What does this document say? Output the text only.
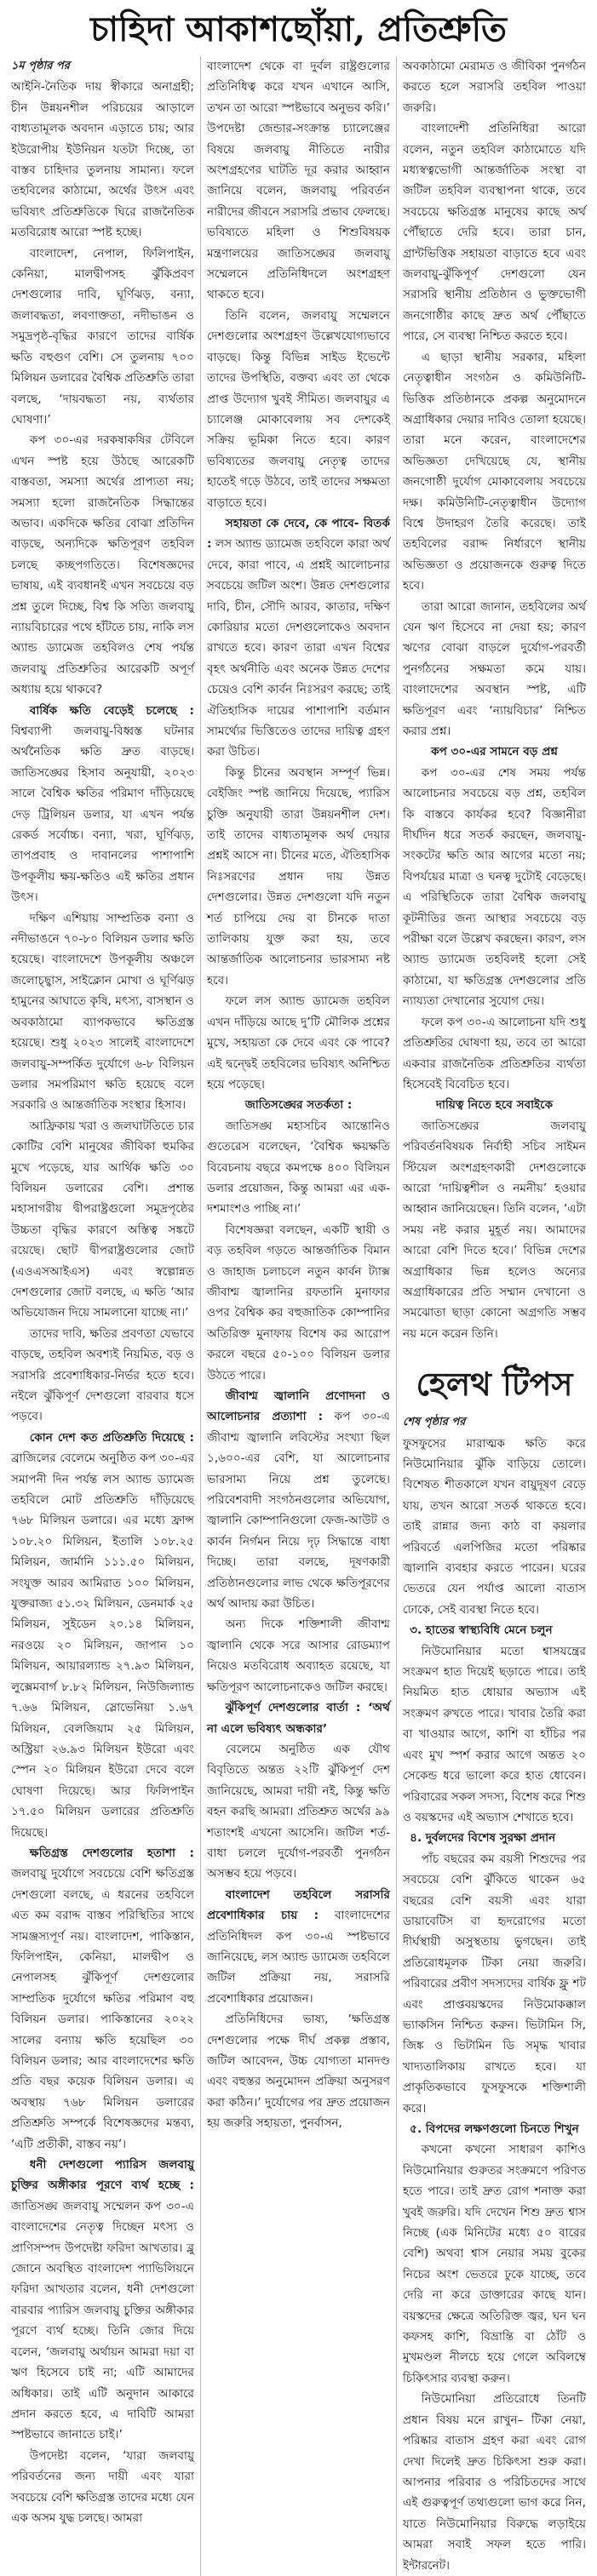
চাহিদা আকাশছোঁয়া, প্রতিশ্রুতি
১ম পৃষ্ঠার পর

আইনি-নৈতিক দায় স্বীকারে অনাগ্রহী; চীন উন্নয়নশীল পরিচয়ের আড়ালে বাধ্যতামূলক অবদান এড়াতে চায়; আর ইউরোপীয় ইউনিয়ন যতটা দিচ্ছে, তা বাস্তব চাহিদার তুলনায় সামান্য। ফলে তহবিলের কাঠামো, অর্থের উৎস এবং ভবিষ্যৎ প্রতিশ্রুতিকে ঘিরে রাজনৈতিক মতবিরোধ আরো স্পষ্ট হচ্ছে।

বাংলাদেশ, নেপাল, ফিলিপাইন, কেনিয়া, মালদ্বীপসহ ঝুঁকিপ্রবণ দেশগুলোর দাবি, ঘূর্ণিঝড়, বন্যা, জলাবদ্ধতা, লবণাক্ততা, নদীভাঙন ও সমুদ্রপৃষ্ঠ-বৃদ্ধির কারণে তাদের বার্ষিক ক্ষতি বহুগুণ বেশি। সে তুলনায় ৭০০ মিলিয়ন ডলারের বৈশ্বিক প্রতিশ্রুতি তারা বলছে, ‘দায়বদ্ধতা নয়, ব্যর্থতার ঘোষণা।’

কপ ৩০-এর দরকষাকষির টেবিলে এখন স্পষ্ট হয়ে উঠছে আরেকটি বাস্তবতা, সমস্যা অর্থের প্রাপ্যতা নয়; সমস্যা হলো রাজনৈতিক সিদ্ধান্তের অভাব। একদিকে ক্ষতির বোঝা প্রতিদিন বাড়ছে, অন্যদিকে ক্ষতিপূরণ তহবিল চলছে কচ্ছপগতিতে। বিশেষজ্ঞদের ভাষায়, এই ব্যবধানই এখন সবচেয়ে বড় প্রশ্ন তুলে দিচ্ছে, বিশ্ব কি সত্যি জলবায়ু ন্যায়বিচারের পথে হাঁটতে চায়, নাকি লস অ্যান্ড ড্যামেজ তহবিলও শেষ পর্যন্ত জলবায়ু প্রতিশ্রুতির আরেকটি অপূর্ণ অধ্যায় হয়ে থাকবে?

বার্ষিক ক্ষতি বেড়েই চলেছে : বিশ্বব্যাপী জলবায়ু-বিধ্বস্ত ঘটনার অর্থনৈতিক ক্ষতি দ্রুত বাড়ছে। জাতিসঙ্ঘের হিসাব অনুযায়ী, ২০২৩ সালে বৈশ্বিক ক্ষতির পরিমাণ দাঁড়িয়েছে দেড় ট্রিলিয়ন ডলার, যা এখন পর্যন্ত রেকর্ড সর্বোচ্চ। বন্যা, খরা, ঘূর্ণিঝড়, তাপপ্রবাহ ও দাবানলের পাশাপাশি উপকূলীয় ক্ষয়-ক্ষতিও এই ক্ষতির প্রধান উৎস।

দক্ষিণ এশিয়ায় সাম্প্রতিক বন্যা ও নদীভাঙনে ৭০-৮০ বিলিয়ন ডলার ক্ষতি হয়েছে। বাংলাদেশে উপকূলীয় অঞ্চলে জলোচ্ছ্বাস, সাইক্লোন মোখা ও ঘূর্ণিঝড় হামুনের আঘাতে কৃষি, মৎস্য, বাসস্থান ও অবকাঠামো ব্যাপকভাবে ক্ষতিগ্রস্ত হয়েছে। শুধু ২০২৩ সালেই বাংলাদেশে জলবায়ু-সম্পর্কিত দুর্যোগে ৬-৮ বিলিয়ন ডলার সমপরিমাণ ক্ষতি হয়েছে বলে সরকারি ও আন্তর্জাতিক সংস্থার হিসাব।

আফ্রিকায় খরা ও জলঘাটতিতে চার কোটির বেশি মানুষের জীবিকা হুমকির মুখে পড়েছে, যার আর্থিক ক্ষতি ৩০ বিলিয়ন ডলারের বেশি। প্রশান্ত মহাসাগরীয় দ্বীপরাষ্ট্রগুলো সমুদ্রপৃষ্ঠের উচ্চতা বৃদ্ধির কারণে অস্তিত্ব সঙ্কটে রয়েছে। ছোট দ্বীপরাষ্ট্রগুলোর জোট (এওএসআইএস) এবং স্বল্পোন্নত দেশগুলোর জোট বলছে, এ ক্ষতি ‘আর অভিযোজন দিয়ে সামলানো যাচ্ছে না।’

তাদের দাবি, ক্ষতির প্রবণতা যেভাবে বাড়ছে, তহবিল অবশ্যই নিয়মিত, বড় ও সরাসরি প্রবেশাধিকার-নির্ভর হতে হবে। নইলে ঝুঁকিপূর্ণ দেশগুলো বারবার ধসে পড়বে।

কোন দেশ কত প্রতিশ্রুতি দিয়েছে : ব্রাজিলের বেলেমে অনুষ্ঠিত কপ ৩০-এর সমাপনী দিন পর্যন্ত লস অ্যান্ড ড্যামেজ তহবিলে মোট প্রতিশ্রুতি দাঁড়িয়েছে ৭৬৮ মিলিয়ন ডলারে। এর মধ্যে ফ্রান্স ১০৮.২০ মিলিয়ন, ইতালি ১০৮.২৫ মিলিয়ন, জার্মানি ১১১.৫০ মিলিয়ন, সংযুক্ত আরব আমিরাত ১০০ মিলিয়ন, যুক্তরাজ্য ৫১.৩২ মিলিয়ন, ডেনমার্ক ২৫ মিলিয়ন, সুইডেন ২০.১৪ মিলিয়ন, নরওয়ে ২০ মিলিয়ন, জাপান ১০ মিলিয়ন, আয়ারল্যান্ড ২৭.৯৩ মিলিয়ন, লুক্সেমবার্গ ৮.৮২ মিলিয়ন, নিউজিল্যান্ড ৭.৬৬ মিলিয়ন, স্লোভেনিয়া ১.৬৭ মিলিয়ন, বেলজিয়াম ২৫ মিলিয়ন, অস্ট্রিয়া ২৬.৯৩ মিলিয়ন ইউরো এবং স্পেন ২০ মিলিয়ন ইউরো দেবে বলে ঘোষণা দিয়েছে। আর ফিলিপাইন ১৭.৫০ মিলিয়ন ডলারের প্রতিশ্রুতি দিয়েছে।

ক্ষতিগ্রস্ত দেশগুলোর হতাশা : জলবায়ু দুর্যোগে সবচেয়ে বেশি ক্ষতিগ্রস্ত দেশগুলো বলছে, এ ধরনের তহবিলে এত কম বরাদ্দ বাস্তব পরিস্থিতির সাথে সামঞ্জস্যপূর্ণ নয়। বাংলাদেশ, পাকিস্তান, ফিলিপাইন, কেনিয়া, মালদ্বীপ ও নেপালসহ ঝুঁকিপূর্ণ দেশগুলোর সাম্প্রতিক দুর্যোগে ক্ষতির পরিমাণ বহু বিলিয়ন ডলার। পাকিস্তানের ২০২২ সালের বন্যায় ক্ষতি হয়েছিল ৩০ বিলিয়ন ডলার; আর বাংলাদেশের ক্ষতি প্রতি বছর কয়েক বিলিয়ন ডলার। এ অবস্থায় ৭৬৮ মিলিয়ন ডলারের প্রতিশ্রুতি সম্পর্কে বিশেষজ্ঞদের মন্তব্য, ‘এটি প্রতীকী, বাস্তব নয়’।

ধনী দেশগুলো প্যারিস জলবায়ু চুক্তির অঙ্গীকার পূরণে ব্যর্থ হচ্ছে : জাতিসঙ্ঘ জলবায়ু সম্মেলন কপ ৩০-এ বাংলাদেশের নেতৃত্ব দিচ্ছেন মৎস্য ও প্রাণিসম্পদ উপদেষ্টা ফরিদা আখতার। ব্লু জোনে অবস্থিত বাংলাদেশ প্যাভিলিয়নে ফরিদা আখতার বলেন, ধনী দেশগুলো বারবার প্যারিস জলবায়ু চুক্তির অঙ্গীকার পূরণে ব্যর্থ হচ্ছে। তিনি জোর দিয়ে বলেন, ‘জলবায়ু অর্থায়ন আমরা দয়া বা ঋণ হিসেবে চাই না; এটি আমাদের অধিকার। তাই এটি অনুদান আকারে প্রদান করতে হবে, এ দাবিটি আমরা স্পষ্টভাবে জানাতে চাই।’

উপদেষ্টা বলেন, ‘যারা জলবায়ু পরিবর্তনের জন্য দায়ী এবং যারা সবচেয়ে বেশি ক্ষতিগ্রস্ত তাদের মধ্যে যেন এক অসম যুদ্ধ চলছে। আমরা

বাংলাদেশ থেকে বা দুর্বল রাষ্ট্রগুলোর প্রতিনিধিত্ব করে যখন এখানে আসি, তখন তা আরো স্পষ্টভাবে অনুভব করি।’ উপদেষ্টা জেন্ডার-সংক্রান্ত চ্যালেঞ্জের বিষয়ে জলবায়ু নীতিতে নারীর অংশগ্রহণের ঘাটতি দূর করার আহ্বান জানিয়ে বলেন, জলবায়ু পরিবর্তন নারীদের জীবনে সরাসরি প্রভাব ফেলছে। ভবিষ্যতে মহিলা ও শিশুবিষয়ক মন্ত্রণালয়ের জাতিসঙ্ঘের জলবায়ু সম্মেলনে প্রতিনিধিদলে অংশগ্রহণ থাকতে হবে।

তিনি বলেন, জলবায়ু সম্মেলনে দেশগুলোর অংশগ্রহণ উল্লেখযোগ্যভাবে বাড়ছে। কিন্তু বিভিন্ন সাইড ইভেন্টে তাদের উপস্থিতি, বক্তব্য এবং তা থেকে প্রাপ্ত উদ্যোগ খুবই সীমিত। জলবায়ুর এ চ্যালেঞ্জ মোকাবেলায় সব দেশকেই সক্রিয় ভূমিকা নিতে হবে। কারণ ভবিষ্যতের জলবায়ু নেতৃত্ব তাদের হাতেই গড়ে উঠবে, তাই তাদের সক্ষমতা বাড়াতে হবে।

সহায়তা কে দেবে, কে পাবে- বিতর্ক : লস অ্যান্ড ড্যামেজ তহবিলে কারা অর্থ দেবে, কারা পাবে, এ প্রশ্নই আলোচনার সবচেয়ে জটিল অংশ। উন্নত দেশগুলোর দাবি, চীন, সৌদি আরব, কাতার, দক্ষিণ কোরিয়ার মতো দেশগুলোকেও অবদান রাখতে হবে। কারণ তারা এখন বিশ্বের বৃহৎ অর্থনীতি এবং অনেক উন্নত দেশের চেয়েও বেশি কার্বন নিঃসরণ করছে; তাই ঐতিহাসিক দায়ের পাশাপাশি বর্তমান সামর্থ্যের ভিত্তিতেও তাদের দায়িত্ব গ্রহণ করা উচিত।

কিন্তু চীনের অবস্থান সম্পূর্ণ ভিন্ন। বেইজিং স্পষ্ট জানিয়ে দিয়েছে, প্যারিস চুক্তি অনুযায়ী তারা উন্নয়নশীল দেশ। তাই তাদের বাধ্যতামূলক অর্থ দেয়ার প্রশ্নই আসে না। চীনের মতে, ঐতিহাসিক নিঃসরণের প্রধান দায় উন্নত দেশগুলোর। উন্নত দেশগুলো যদি নতুন শর্ত চাপিয়ে দেয় বা চীনকে দাতা তালিকায় যুক্ত করা হয়, তবে আন্তর্জাতিক আলোচনার ভারসাম্য নষ্ট হবে।

ফলে লস অ্যান্ড ড্যামেজ তহবিল এখন দাঁড়িয়ে আছে দু’টি মৌলিক প্রশ্নের মুখে, সহায়তা কে দেবে এবং কে পাবে? এই দ্বন্দ্বেই তহবিলের ভবিষ্যৎ অনিশ্চিত হয়ে পড়েছে।

জাতিসঙ্ঘের সতর্কতা :

জাতিসঙ্ঘ মহাসচিব আন্তোনিও গুতেরেস বলেছেন, ‘বৈশ্বিক ক্ষয়ক্ষতি বিবেচনায় বছরে কমপক্ষে ৪০০ বিলিয়ন ডলার প্রয়োজন, কিন্তু আমরা এর এক-দশমাংশও পাচ্ছি না।’

বিশেষজ্ঞরা বলছেন, একটি স্থায়ী ও বড় তহবিল গড়তে আন্তর্জাতিক বিমান ও জাহাজ চলাচলে নতুন কার্বন ট্যাক্স জীবাশ্ম জ্বালানির রফতানি মুনাফার ওপর বৈশ্বিক কর বহুজাতিক কোম্পানির অতিরিক্ত মুনাফায় বিশেষ কর আরোপ করলে বছরে ৫০-১০০ বিলিয়ন ডলার উঠতে পারে।

জীবাশ্ম জ্বালানি প্রণোদনা ও আলোচনার প্রত্যাশা : কপ ৩০-এ জীবাশ্ম জ্বালানি লবিস্টের সংখ্যা ছিল ১,৬০০-এর বেশি, যা আলোচনার ভারসাম্য নিয়ে প্রশ্ন তুলেছে। পরিবেশবাদী সংগঠনগুলোর অভিযোগ, জ্বালানি কোম্পানিগুলো ফেজ-আউট ও কার্বন নির্গমন নিয়ে দৃঢ় সিদ্ধান্তে বাধা দিচ্ছে। তারা বলছে, দূষণকারী প্রতিষ্ঠানগুলোর লাভ থেকে ক্ষতিপূরণের অর্থ আদায় করা উচিত।

অন্য দিকে শক্তিশালী জীবাশ্ম জ্বালানি থেকে সরে আসার রোডম্যাপ নিয়েও মতবিরোধ অব্যাহত রয়েছে, যা ক্ষতিপূরণ আলোচনাকেও জটিল করছে।

ঝুঁকিপূর্ণ দেশগুলোর বার্তা : ‘অর্থ না এলে ভবিষ্যৎ অন্ধকার’

বেলেমে অনুষ্ঠিত এক যৌথ বিবৃতিতে অন্তত ২২টি ঝুঁকিপূর্ণ দেশ জানিয়েছে, আমরা দায়ী নই, কিন্তু ক্ষতি বহন করছি আমরা। প্রতিশ্রুত অর্থের ৯৯ শতাংশই এখনো আসেনি। জটিল শর্ত-বাধা চললে দুর্যোগ-পরবর্তী পুনর্গঠন অসম্ভব হয়ে পড়বে।

বাংলাদেশ তহবিলে সরাসরি প্রবেশাধিকার চায় : বাংলাদেশের প্রতিনিধিদল কপ ৩০-এ স্পষ্টভাবে জানিয়েছে, লস অ্যান্ড ড্যামেজ তহবিলে জটিল প্রক্রিয়া নয়, সরাসরি প্রবেশাধিকার প্রয়োজন।

প্রতিনিধিদের ভাষ্য, ‘ক্ষতিগ্রস্ত দেশগুলোর পক্ষে দীর্ঘ প্রকল্প প্রস্তাব, জটিল আবেদন, উচ্চ যোগ্যতা মানদণ্ড এবং বহুস্তর অনুমোদন প্রক্রিয়া অনুসরণ করা কঠিন।’ দুর্যোগের পর দ্রুত প্রয়োজন হয় জরুরি সহায়তা, পুনর্বাসন,

অবকাঠামো মেরামত ও জীবিকা পুনর্গঠন করতে হলে সরাসরি তহবিল পাওয়া জরুরি।

বাংলাদেশী প্রতিনিধিরা আরো বলেন, নতুন তহবিল কাঠামোতে যদি মধ্যস্বত্বভোগী আন্তর্জাতিক সংস্থা বা জটিল তহবিল ব্যবস্থাপনা থাকে, তবে সবচেয়ে ক্ষতিগ্রস্ত মানুষের কাছে অর্থ পৌঁছাতে দেরি হবে। তারা চান, গ্রান্টভিত্তিক সহায়তা বাড়াতে হবে এবং জলবায়ু-ঝুঁকিপূর্ণ দেশগুলো যেন সরাসরি স্থানীয় প্রতিষ্ঠান ও ভুক্তভোগী জনগোষ্ঠীর কাছে দ্রুত অর্থ পৌঁছাতে পারে, সে ব্যবস্থা নিশ্চিত করতে হবে।

এ ছাড়া স্থানীয় সরকার, মহিলা নেতৃত্বাধীন সংগঠন ও কমিউনিটি-ভিত্তিক প্রতিষ্ঠানকে প্রকল্প অনুমোদনে অগ্রাধিকার দেয়ার দাবিও তোলা হয়েছে। তারা মনে করেন, বাংলাদেশের অভিজ্ঞতা দেখিয়েছে যে, স্থানীয় জনগোষ্ঠী দুর্যোগ মোকাবেলায় সবচেয়ে দক্ষ। কমিউনিটি-নেতৃত্বাধীন উদ্যোগ বিশ্বে উদাহরণ তৈরি করেছে। তাই তহবিলের বরাদ্দ নির্ধারণে স্থানীয় অভিজ্ঞতা ও প্রয়োজনকে গুরুত্ব দিতে হবে।

তারা আরো জানান, তহবিলের অর্থ যেন ঋণ হিসেবে না দেয়া হয়; কারণ ঋণের বোঝা বাড়লে দুর্যোগ-পরবর্তী পুনর্গঠনের সক্ষমতা কমে যায়। বাংলাদেশের অবস্থান স্পষ্ট, এটি ক্ষতিপূরণ এবং ‘ন্যায়বিচার’ নিশ্চিত করার প্রশ্ন।

কপ ৩০-এর সামনে বড় প্রশ্ন

কপ ৩০-এর শেষ সময় পর্যন্ত আলোচনার সবচেয়ে বড় প্রশ্ন, তহবিল কি বাস্তবে কার্যকর হবে? বিজ্ঞানীরা দীর্ঘদিন ধরে সতর্ক করছেন, জলবায়ু-সংকটের ক্ষতি আর আগের মতো নয়; বিপর্যয়ের মাত্রা ও ঘনত্ব দুটোই বেড়েছে। এ পরিস্থিতিকে তারা বৈশ্বিক জলবায়ু কূটনীতির জন্য আস্থার সবচেয়ে বড় পরীক্ষা বলে উল্লেখ করছেন। কারণ, লস অ্যান্ড ড্যামেজ তহবিলই হলো সেই কাঠামো, যা ক্ষতিগ্রস্ত দেশগুলোর প্রতি ন্যায্যতা দেখানোর সুযোগ দেয়।

ফলে কপ ৩০-এ আলোচনা যদি শুধু প্রতিশ্রুতির ঘোষণা হয়, তবে তা আরো একবার রাজনৈতিক প্রতিশ্রুতির ব্যর্থতা হিসেবেই বিবেচিত হবে।

দায়িত্ব নিতে হবে সবাইকে

জাতিসঙ্ঘের জলবায়ু পরিবর্তনবিষয়ক নির্বাহী সচিব সাইমন স্টিয়েল অংশগ্রহণকারী দেশগুলোকে আরো ‘দায়িত্বশীল ও নমনীয়’ হওয়ার আহ্বান জানিয়েছেন। তিনি বলেন, ‘এটা সময় নষ্ট করার মুহূর্ত নয়। আমাদের আরো বেশি দিতে হবে।’ বিভিন্ন দেশের অগ্রাধিকার ভিন্ন হলেও অন্যের অগ্রাধিকারের প্রতি সম্মান দেখানো ও সমঝোতা ছাড়া কোনো অগ্রগতি সম্ভব নয় মনে করেন তিনি।

হেলথ টিপস
শেষ পৃষ্ঠার পর

ফুসফুসের মারাত্মক ক্ষতি করে নিউমোনিয়ার ঝুঁকি বাড়িয়ে তোলে। বিশেষত শীতকালে যখন বায়ুদূষণ বেড়ে যায়, তখন আরো সতর্ক থাকতে হবে। তাই রান্নার জন্য কাঠ বা কয়লার পরিবর্তে এলপিজির মতো পরিষ্কার জ্বালানি ব্যবহার করতে পারেন। ঘরের ভেতরে যেন পর্যাপ্ত আলো বাতাস ঢোকে, সেই ব্যবস্থা নিতে হবে।

৩. হাতের স্বাস্থ্যবিধি মেনে চলুন

নিউমোনিয়ার মতো শ্বাসযন্ত্রের সংক্রমণ হাত দিয়েই ছড়াতে পারে। তাই নিয়মিত হাত ধোয়ার অভ্যাস এই সংক্রমণ রুখতে পারে। খাবার তৈরি করা বা খাওয়ার আগে, কাশি বা হাঁচির পর এবং মুখ স্পর্শ করার আগে অন্তত ২০ সেকেন্ড ধরে ভালো করে হাত ধোবেন। পরিবারের সকল সদস্য, বিশেষ করে শিশু ও বয়স্কদের এই অভ্যাস শেখাতে হবে।

৪. দুর্বলদের বিশেষ সুরক্ষা প্রদান

পাঁচ বছরের কম বয়সী শিশুদের পর সবচেয়ে বেশি ঝুঁকিতে থাকেন ৬৫ বছরের বেশি বয়সী এবং যারা ডায়াবেটিস বা হৃদরোগের মতো দীর্ঘস্থায়ী অসুস্থতায় ভুগছেন। তাই প্রতিরোধমূলক টিকা নেয়া জরুরি। পরিবারের প্রবীণ সদস্যদের বার্ষিক ফ্লু শট এবং প্রাপ্তবয়স্কদের নিউমোকক্কাল ভ্যাকসিন নিশ্চিত করুন। ভিটামিন সি, জিঙ্ক ও ভিটামিন ডি সমৃদ্ধ খাবার খাদ্যতালিকায় রাখতে হবে। যা প্রাকৃতিকভাবে ফুসফুসকে শক্তিশালী করে।

৫. বিপদের লক্ষণগুলো চিনতে শিখুন

কখনো কখনো সাধারণ কাশিও নিউমোনিয়ার গুরুতর সংক্রমণে পরিণত হতে পারে। তাই দ্রুত রোগ শনাক্ত করা খুবই জরুরি। যদি দেখেন শিশু দ্রুত শ্বাস নিচ্ছে (এক মিনিটের মধ্যে ৫০ বারের বেশি) অথবা শ্বাস নেয়ার সময় বুকের নিচের অংশ ভেতরে ঢুকে যাচ্ছে, তবে দেরি না করে ডাক্তারের কাছে যান। বয়স্কদের ক্ষেত্রে অতিরিক্ত জ্বর, ঘন ঘন কফসহ কাশি, বিভ্রান্তি বা ঠোঁট ও মুখমণ্ডল নীলচে হয়ে গেলে অবিলম্বে চিকিৎসার ব্যবস্থা করুন।

নিউমোনিয়া প্রতিরোধে তিনটি প্রধান বিষয় মনে রাখুন– টিকা নেয়া, পরিষ্কার বাতাস গ্রহণ করা এবং রোগ দেখা দিলেই দ্রুত চিকিৎসা শুরু করা। আপনার পরিবার ও পরিচিতদের সাথে এই গুরুত্বপূর্ণ তথ্যগুলো ভাগ করে নিন, যাতে নিউমোনিয়ার বিরুদ্ধে লড়াইয়ে আমরা সবাই সফল হতে পারি। ইন্টারনেট।
